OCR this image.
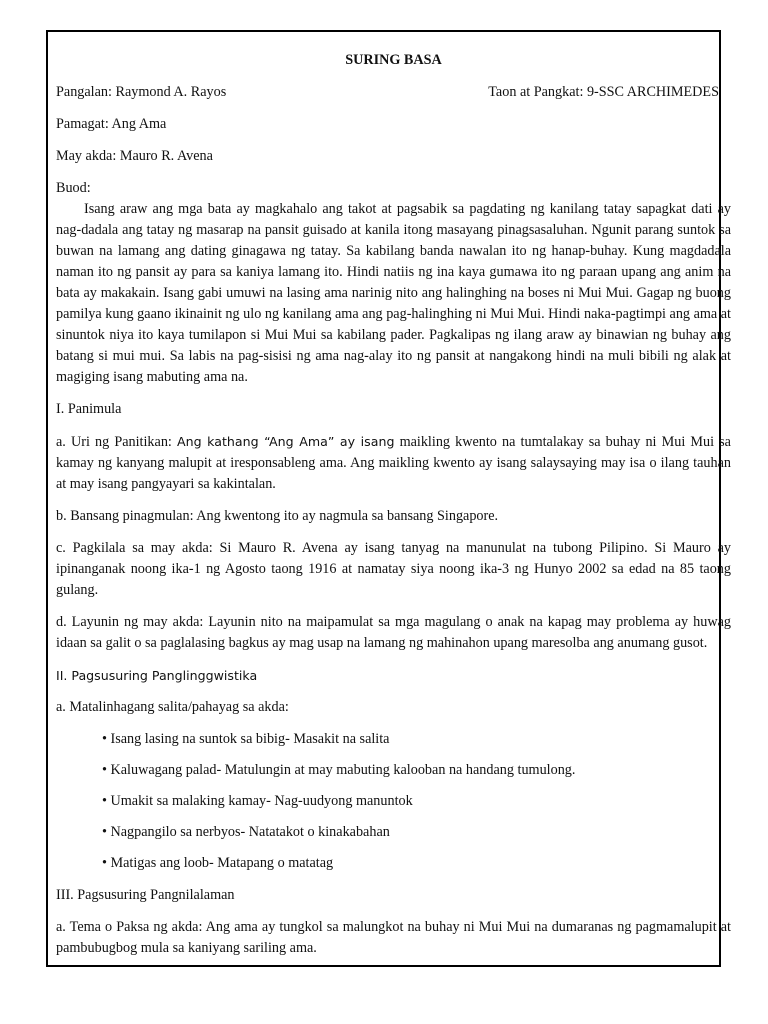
SURING BASA
Pangalan: Raymond A. Rayos	Taon at Pangkat: 9-SSC ARCHIMEDES

Pamagat: Ang Ama

May akda: Mauro R. Avena

Buod:
Isang araw ang mga bata ay magkahalo ang takot at pagsabik sa pagdating ng kanilang tatay sapagkat dati ay nag-dadala ang tatay ng masarap na pansit guisado at kanila itong masayang pinagsasaluhan. Ngunit parang suntok sa buwan na lamang ang dating ginagawa ng tatay. Sa kabilang banda nawalan ito ng hanap-buhay. Kung magdadala naman ito ng pansit ay para sa kaniya lamang ito. Hindi natiis ng ina kaya gumawa ito ng paraan upang ang anim na bata ay makakain. Isang gabi umuwi na lasing ama narinig nito ang halinghing na boses ni Mui Mui. Gagap ng buong pamilya kung gaano ikinainit ng ulo ng kanilang ama ang pag-halinghing ni Mui Mui. Hindi naka-pagtimpi ang ama at sinuntok niya ito kaya tumilapon si Mui Mui sa kabilang pader. Pagkalipas ng ilang araw ay binawian ng buhay ang batang si mui mui. Sa labis na pag-sisisi ng ama nag-alay ito ng pansit at nangakong hindi na muli bibili ng alak at magiging isang mabuting ama na.

I. Panimula

a. Uri ng Panitikan: Ang kathang “Ang Ama” ay isang maikling kwento na tumtalakay sa buhay ni Mui Mui sa kamay ng kanyang malupit at iresponsableng ama. Ang maikling kwento ay isang salaysaying may isa o ilang tauhan at may isang pangyayari sa kakintalan.

b. Bansang pinagmulan: Ang kwentong ito ay nagmula sa bansang Singapore.

c. Pagkilala sa may akda: Si Mauro R. Avena ay isang tanyag na manunulat na tubong Pilipino. Si Mauro ay ipinanganak noong ika-1 ng Agosto taong 1916 at namatay siya noong ika-3 ng Hunyo 2002 sa edad na 85 taong gulang.

d. Layunin ng may akda: Layunin nito na maipamulat sa mga magulang o anak na kapag may problema ay huwag idaan sa galit o sa paglalasing bagkus ay mag usap na lamang ng mahinahon upang maresolba ang anumang gusot.

II. Pagsusuring Panglinggwistika

a. Matalinhagang salita/pahayag sa akda:

• Isang lasing na suntok sa bibig- Masakit na salita
• Kaluwagang palad- Matulungin at may mabuting kalooban na handang tumulong.
• Umakit sa malaking kamay- Nag-uudyong manuntok
• Nagpangilo sa nerbyos- Natatakot o kinakabahan
• Matigas ang loob- Matapang o matatag

III. Pagsusuring Pangnilalaman

a. Tema o Paksa ng akda: Ang ama ay tungkol sa malungkot na buhay ni Mui Mui na dumaranas ng pagmamalupit at pambubugbog mula sa kaniyang sariling ama.
